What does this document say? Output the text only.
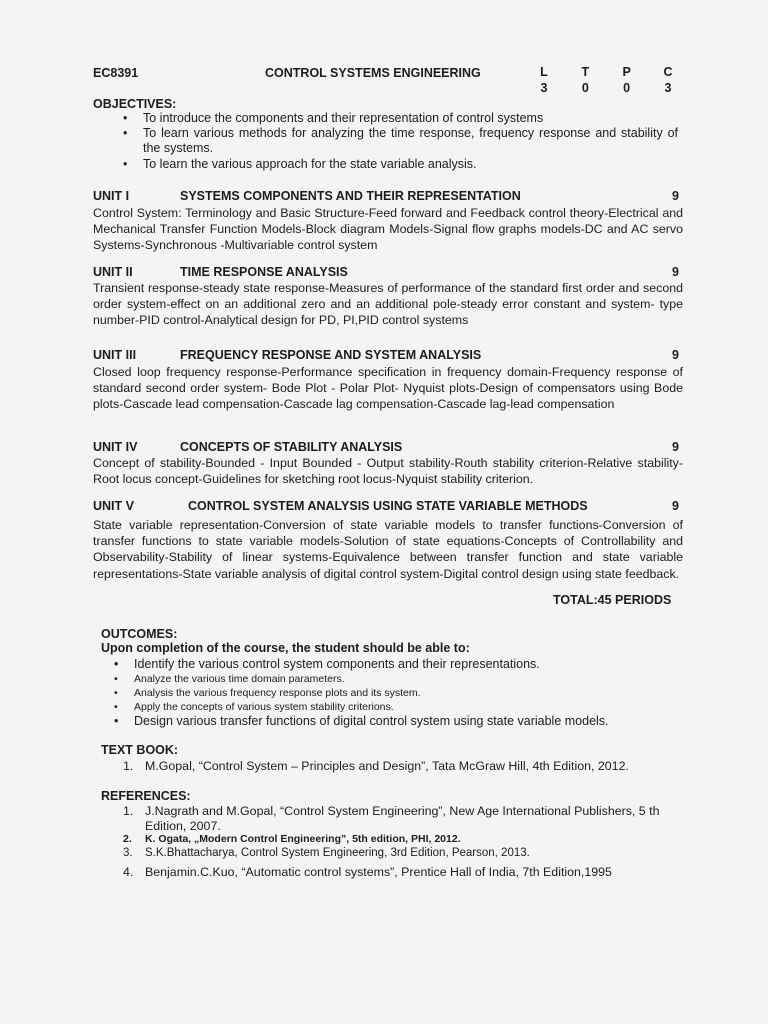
EC8391	CONTROL SYSTEMS ENGINEERING	L	T	P	C
3	0	0	3
OBJECTIVES:
• To introduce the components and their representation of control systems
• To learn various methods for analyzing the time response, frequency response and stability of the systems.
• To learn the various approach for the state variable analysis.
UNIT I	SYSTEMS COMPONENTS AND THEIR REPRESENTATION	9
Control System: Terminology and Basic Structure-Feed forward and Feedback control theory-Electrical and Mechanical Transfer Function Models-Block diagram Models-Signal flow graphs models-DC and AC servo Systems-Synchronous -Multivariable control system
UNIT II	TIME RESPONSE ANALYSIS	9
Transient response-steady state response-Measures of performance of the standard first order and second order system-effect on an additional zero and an additional pole-steady error constant and system- type number-PID control-Analytical design for PD, PI,PID control systems
UNIT III	FREQUENCY RESPONSE AND SYSTEM ANALYSIS	9
Closed loop frequency response-Performance specification in frequency domain-Frequency response of standard second order system- Bode Plot - Polar Plot- Nyquist plots-Design of compensators using Bode plots-Cascade lead compensation-Cascade lag compensation-Cascade lag-lead compensation
UNIT IV	CONCEPTS OF STABILITY ANALYSIS	9
Concept of stability-Bounded - Input Bounded - Output stability-Routh stability criterion-Relative stability-Root locus concept-Guidelines for sketching root locus-Nyquist stability criterion.
UNIT V	CONTROL SYSTEM ANALYSIS USING STATE VARIABLE METHODS	9
State variable representation-Conversion of state variable models to transfer functions-Conversion of transfer functions to state variable models-Solution of state equations-Concepts of Controllability and Observability-Stability of linear systems-Equivalence between transfer function and state variable representations-State variable analysis of digital control system-Digital control design using state feedback.
TOTAL:45 PERIODS
OUTCOMES:
Upon completion of the course, the student should be able to:
• Identify the various control system components and their representations.
• Analyze the various time domain parameters.
• Analysis the various frequency response plots and its system.
• Apply the concepts of various system stability criterions.
• Design various transfer functions of digital control system using state variable models.
TEXT BOOK:
1. M.Gopal, “Control System – Principles and Design”, Tata McGraw Hill, 4th Edition, 2012.
REFERENCES:
1. J.Nagrath and M.Gopal, “Control System Engineering”, New Age International Publishers, 5 th Edition, 2007.
2. K. Ogata, „Modern Control Engineering”, 5th edition, PHI, 2012.
3. S.K.Bhattacharya, Control System Engineering, 3rd Edition, Pearson, 2013.
4. Benjamin.C.Kuo, “Automatic control systems”, Prentice Hall of India, 7th Edition,1995
